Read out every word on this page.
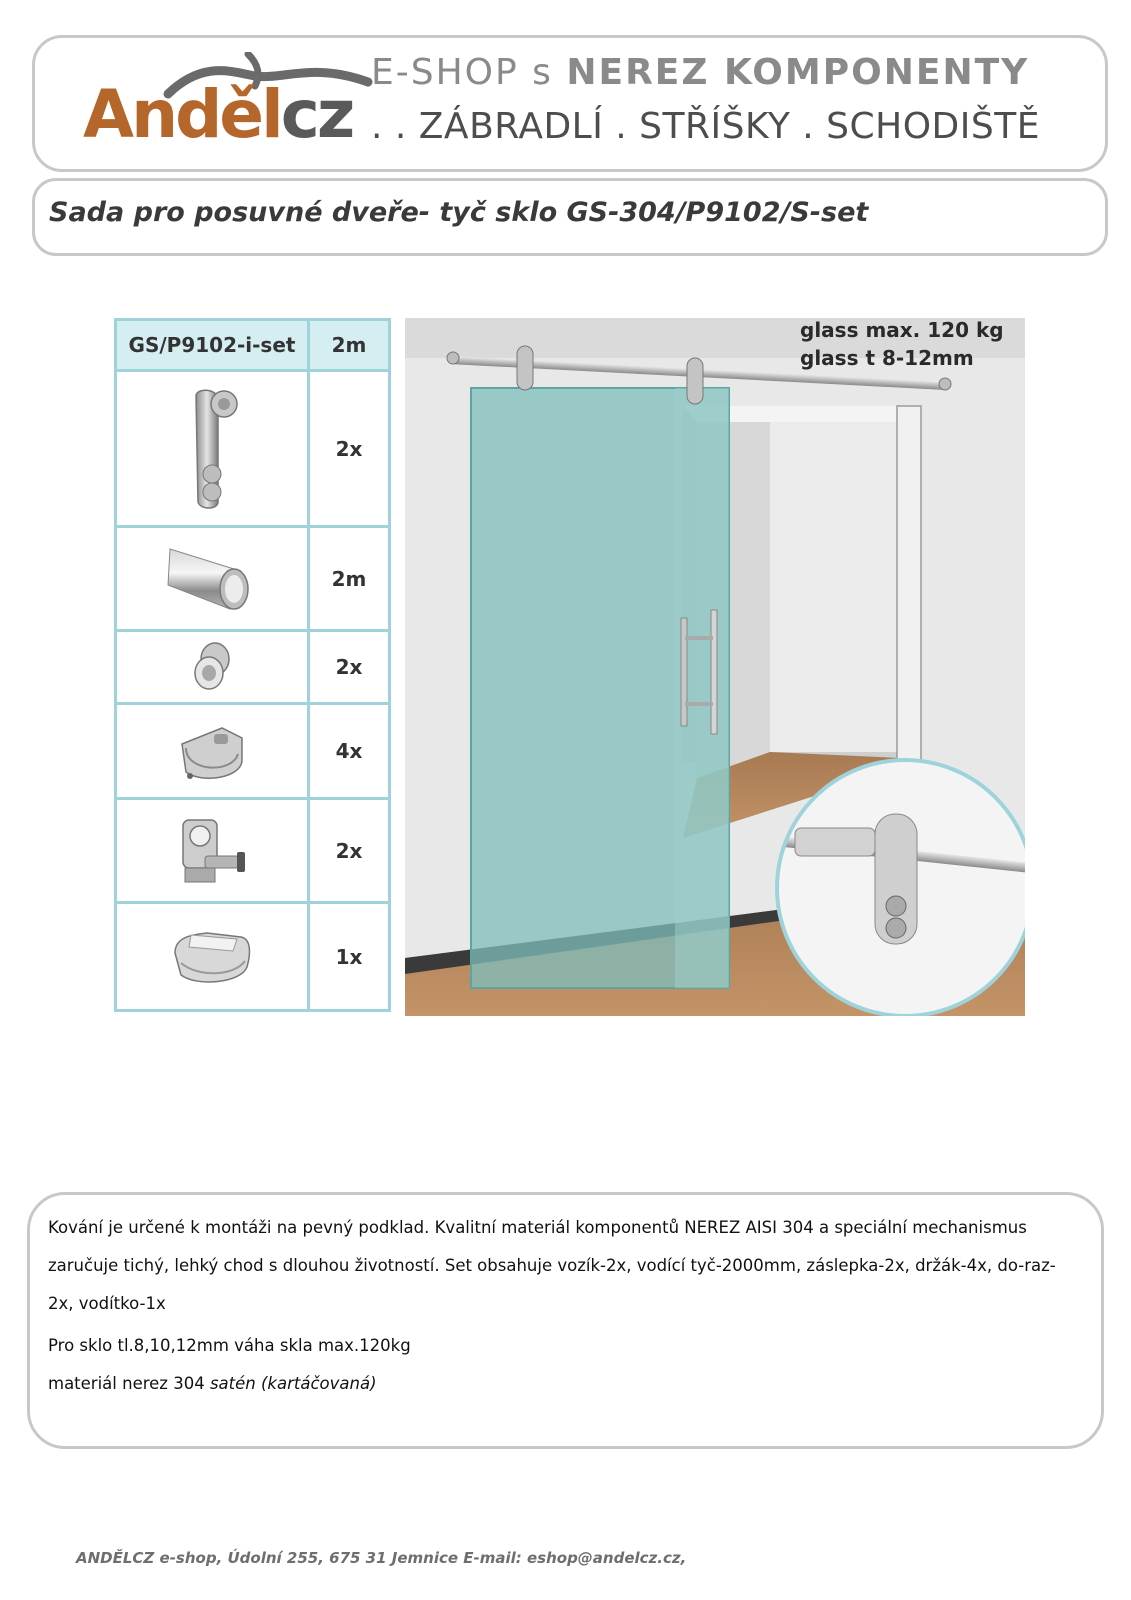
Andělcz
E-SHOP s NEREZ KOMPONENTY
. . ZÁBRADLÍ . STŘÍŠKY . SCHODIŠTĚ
Sada pro posuvné dveře- tyč sklo GS-304/P9102/S-set
GS/P9102-i-set	2m

	2x

	2m

	2x

	4x

	2x

	1x
glass max. 120 kg
glass t 8-12mm

Kování je určené k montáži na pevný podklad. Kvalitní materiál komponentů NEREZ AISI 304 a speciální mechanismus zaručuje tichý, lehký chod s dlouhou životností. Set obsahuje vozík-2x, vodící tyč-2000mm, záslepka-2x, držák-4x, do-raz-2x, vodítko-1x

Pro sklo tl.8,10,12mm váha skla max.120kg

materiál nerez 304 satén (kartáčovaná)

ANDĚLCZ e-shop, Údolní 255, 675 31 Jemnice E-mail: eshop@andelcz.cz,
